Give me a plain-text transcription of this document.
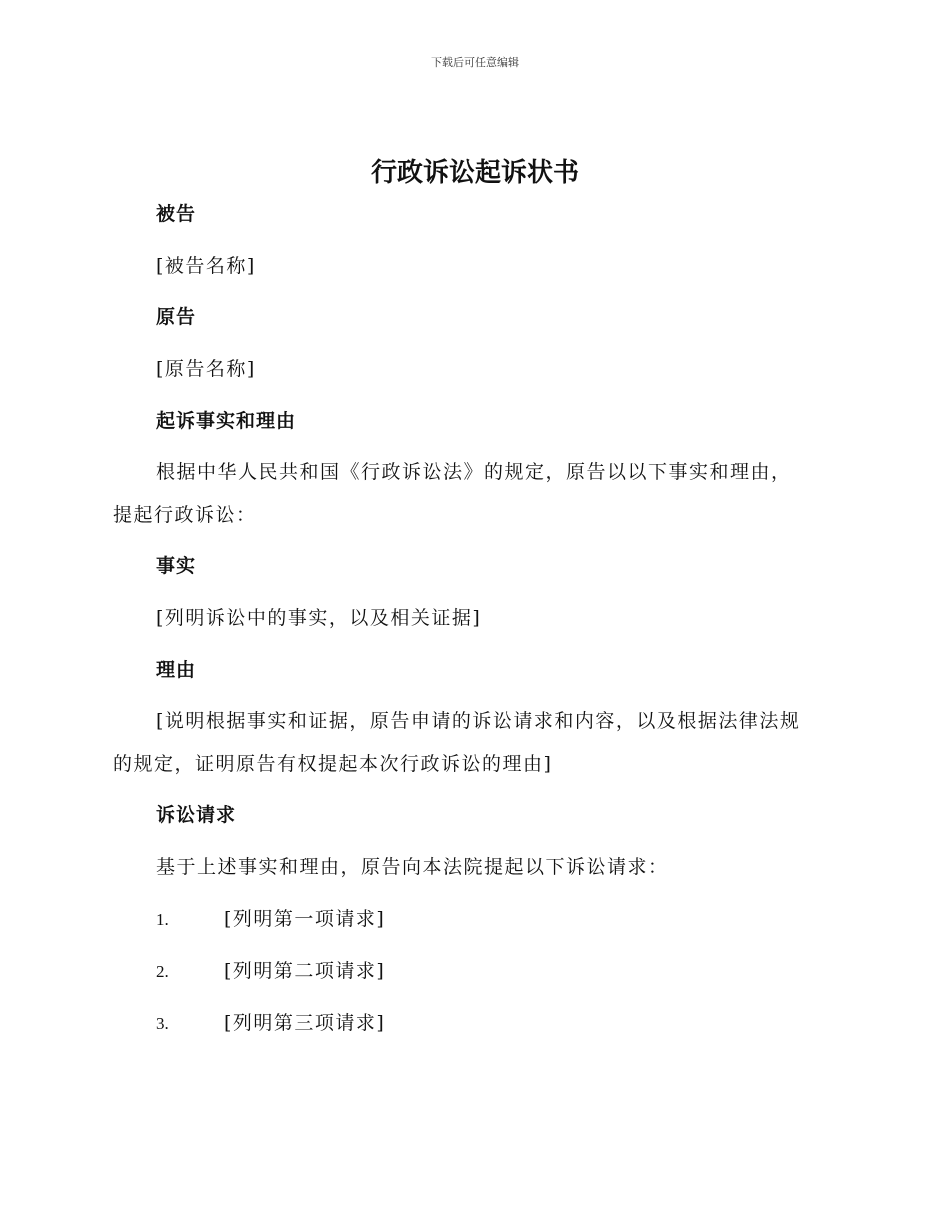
下载后可任意编辑
行政诉讼起诉状书
被告
[被告名称]
原告
[原告名称]
起诉事实和理由
根据中华人民共和国《行政诉讼法》的规定，原告以以下事实和理由，
提起行政诉讼：
事实
[列明诉讼中的事实，以及相关证据]
理由
[说明根据事实和证据，原告申请的诉讼请求和内容，以及根据法律法规
的规定，证明原告有权提起本次行政诉讼的理由]
诉讼请求
基于上述事实和理由，原告向本法院提起以下诉讼请求：
1.	[列明第一项请求]
2.	[列明第二项请求]
3.	[列明第三项请求]
